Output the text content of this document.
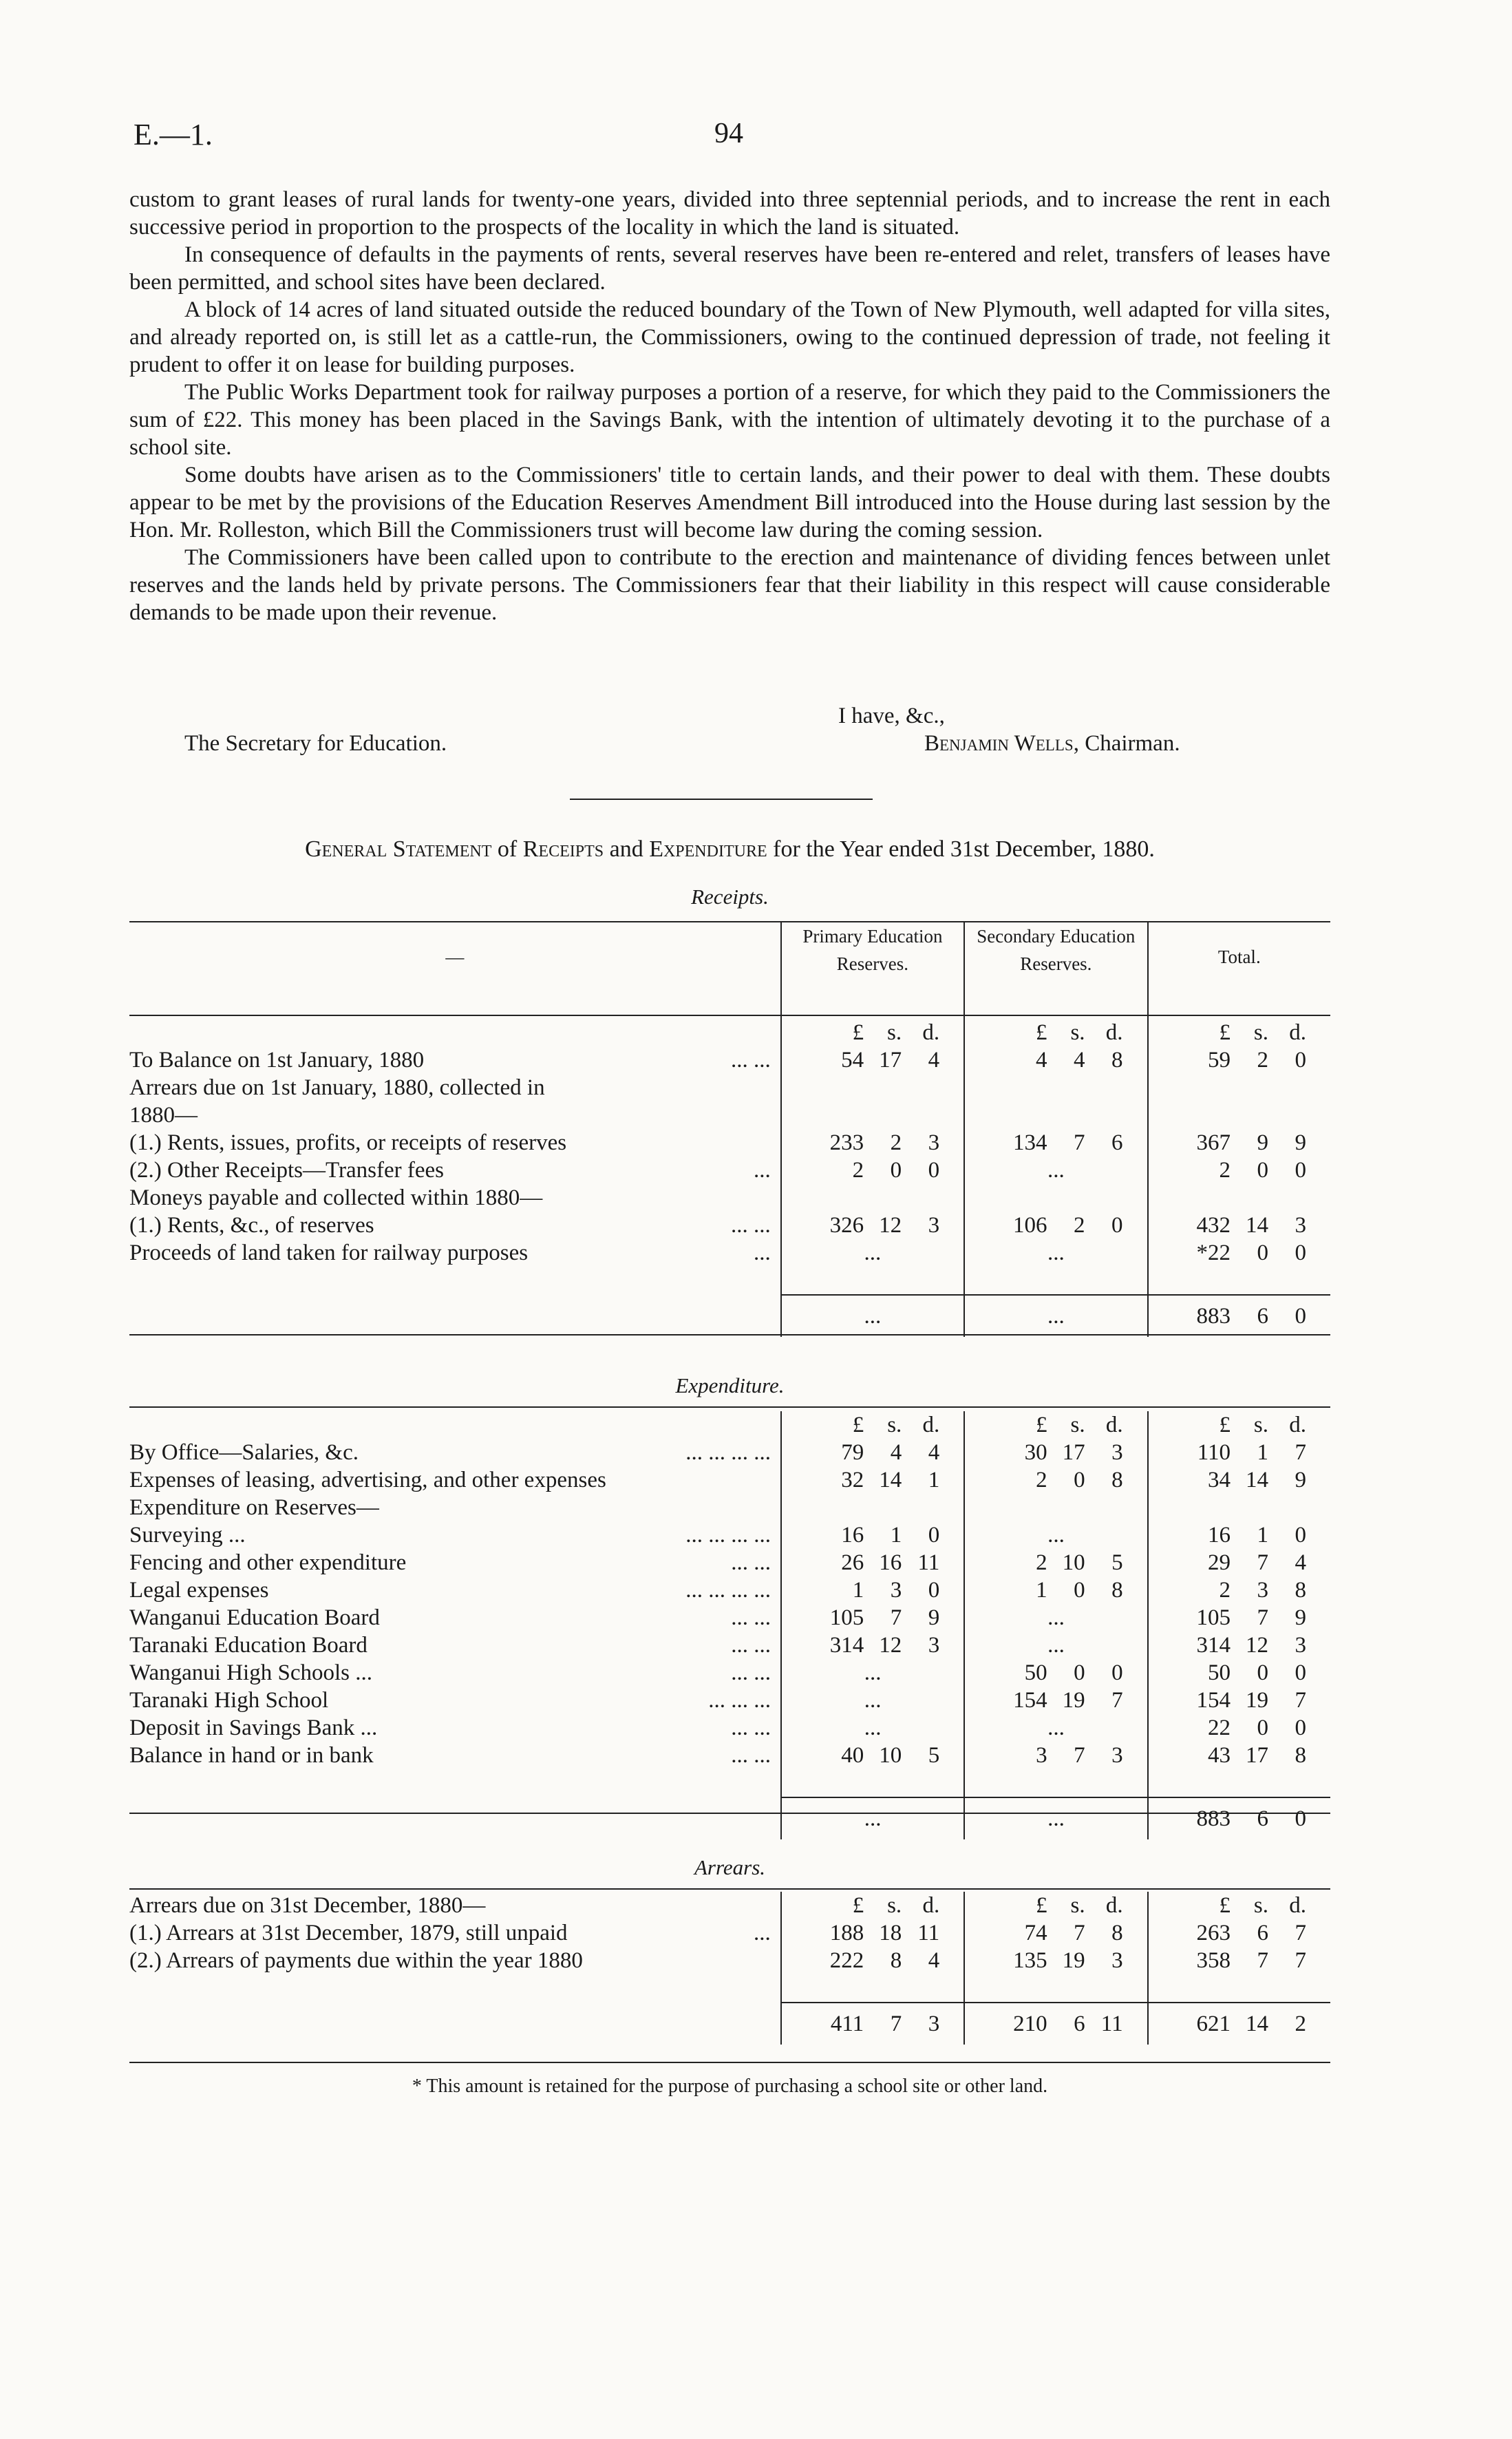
E.—1.	94

custom to grant leases of rural lands for twenty-one years, divided into three septennial periods, and to increase the rent in each successive period in proportion to the prospects of the locality in which the land is situated.

In consequence of defaults in the payments of rents, several reserves have been re-entered and relet, transfers of leases have been permitted, and school sites have been declared.

A block of 14 acres of land situated outside the reduced boundary of the Town of New Plymouth, well adapted for villa sites, and already reported on, is still let as a cattle-run, the Commissioners, owing to the continued depression of trade, not feeling it prudent to offer it on lease for building purposes.

The Public Works Department took for railway purposes a portion of a reserve, for which they paid to the Commissioners the sum of £22. This money has been placed in the Savings Bank, with the intention of ultimately devoting it to the purchase of a school site.

Some doubts have arisen as to the Commissioners' title to certain lands, and their power to deal with them. These doubts appear to be met by the provisions of the Education Reserves Amendment Bill introduced into the House during last session by the Hon. Mr. Rolleston, which Bill the Commissioners trust will become law during the coming session.

The Commissioners have been called upon to contribute to the erection and maintenance of dividing fences between unlet reserves and the lands held by private persons. The Commissioners fear that their liability in this respect will cause considerable demands to be made upon their revenue.

I have, &c.,
The Secretary for Education.	Benjamin Wells, Chairman.
General Statement of Receipts and Expenditure for the Year ended 31st December, 1880.
Receipts.
—	Primary Education Reserves.	Secondary Education Reserves.	Total.

	£ s. d.	£ s. d.	£ s. d.

To Balance on 1st January, 1880 ... ...	54 17 4	4 4 8	59 2 0

Arrears due on 1st January, 1880, collected in			
1880—			
(1.) Rents, issues, profits, or receipts of reserves	233 2 3	134 7 6	367 9 9

(2.) Other Receipts—Transfer fees ...	2 0 0	...	2 0 0

Moneys payable and collected within 1880—			
(1.) Rents, &c., of reserves ... ...	326 12 3	106 2 0	432 14 3

Proceeds of land taken for railway purposes ...	...	...	*22 0 0

	...	...	883 6 0
Expenditure.

	£ s. d.	£ s. d.	£ s. d.

By Office—Salaries, &c. ... ... ... ...	79 4 4	30 17 3	110 1 7

Expenses of leasing, advertising, and other expenses	32 14 1	2 0 8	34 14 9

Expenditure on Reserves—			
Surveying ... ... ... ... ...	16 1 0	...	16 1 0

Fencing and other expenditure ... ...	26 16 11	2 10 5	29 7 4

Legal expenses ... ... ... ...	1 3 0	1 0 8	2 3 8

Wanganui Education Board ... ...	105 7 9	...	105 7 9

Taranaki Education Board ... ...	314 12 3	...	314 12 3

Wanganui High Schools ... ... ...	...	50 0 0	50 0 0

Taranaki High School ... ... ...	...	154 19 7	154 19 7

Deposit in Savings Bank ... ... ...	...	...	22 0 0

Balance in hand or in bank ... ...	40 10 5	3 7 3	43 17 8

	...	...	883 6 0
Arrears.
Arrears due on 31st December, 1880—	£ s. d.	£ s. d.	£ s. d.

(1.) Arrears at 31st December, 1879, still unpaid ...	188 18 11	74 7 8	263 6 7

(2.) Arrears of payments due within the year 1880	222 8 4	135 19 3	358 7 7

	411 7 3	210 6 11	621 14 2
* This amount is retained for the purpose of purchasing a school site or other land.
